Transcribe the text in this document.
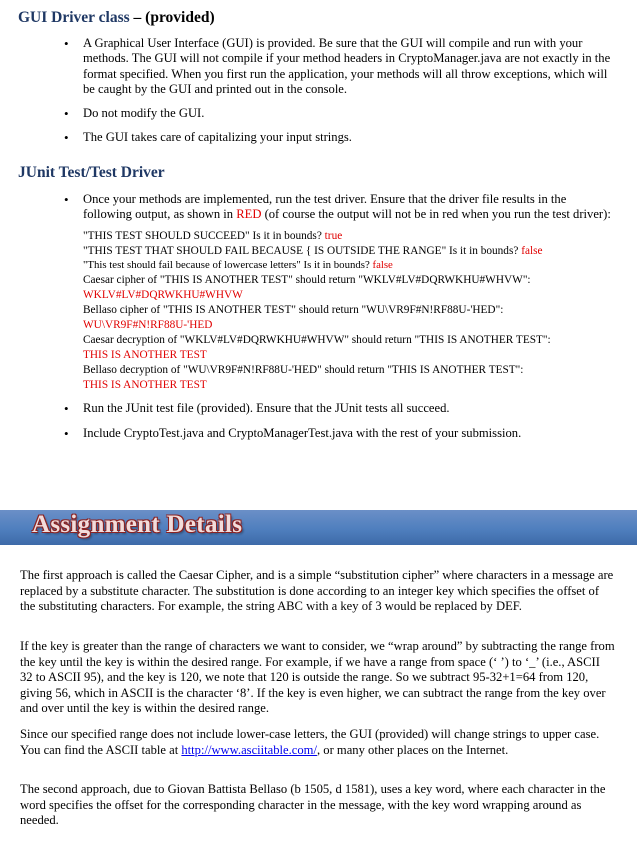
GUI Driver class – (provided)
• A Graphical User Interface (GUI) is provided. Be sure that the GUI will compile and run with your methods. The GUI will not compile if your method headers in CryptoManager.java are not exactly in the format specified. When you first run the application, your methods will all throw exceptions, which will be caught by the GUI and printed out in the console.
• Do not modify the GUI.
• The GUI takes care of capitalizing your input strings.
JUnit Test/Test Driver
• Once your methods are implemented, run the test driver. Ensure that the driver file results in the following output, as shown in RED (of course the output will not be in red when you run the test driver):
"THIS TEST SHOULD SUCCEED" Is it in bounds? true
"THIS TEST THAT SHOULD FAIL BECAUSE { IS OUTSIDE THE RANGE" Is it in bounds? false
"This test should fail because of lowercase letters" Is it in bounds? false
Caesar cipher of "THIS IS ANOTHER TEST" should return "WKLV#LV#DQRWKHU#WHVW":
WKLV#LV#DQRWKHU#WHVW
Bellaso cipher of "THIS IS ANOTHER TEST" should return "WU\VR9F#N!RF88U-'HED":
WU\VR9F#N!RF88U-'HED
Caesar decryption of "WKLV#LV#DQRWKHU#WHVW" should return "THIS IS ANOTHER TEST":
THIS IS ANOTHER TEST
Bellaso decryption of "WU\VR9F#N!RF88U-'HED" should return "THIS IS ANOTHER TEST":
THIS IS ANOTHER TEST
• Run the JUnit test file (provided). Ensure that the JUnit tests all succeed.
• Include CryptoTest.java and CryptoManagerTest.java with the rest of your submission.
Assignment Details

The first approach is called the Caesar Cipher, and is a simple “substitution cipher” where characters in a message are replaced by a substitute character. The substitution is done according to an integer key which specifies the offset of the substituting characters. For example, the string ABC with a key of 3 would be replaced by DEF.

If the key is greater than the range of characters we want to consider, we “wrap around” by subtracting the range from the key until the key is within the desired range. For example, if we have a range from space (‘ ’) to ‘_’ (i.e., ASCII 32 to ASCII 95), and the key is 120, we note that 120 is outside the range. So we subtract 95-32+1=64 from 120, giving 56, which in ASCII is the character ‘8’. If the key is even higher, we can subtract the range from the key over and over until the key is within the desired range.

Since our specified range does not include lower-case letters, the GUI (provided) will change strings to upper case. You can find the ASCII table at http://www.asciitable.com/, or many other places on the Internet.

The second approach, due to Giovan Battista Bellaso (b 1505, d 1581), uses a key word, where each character in the word specifies the offset for the corresponding character in the message, with the key word wrapping around as needed.
